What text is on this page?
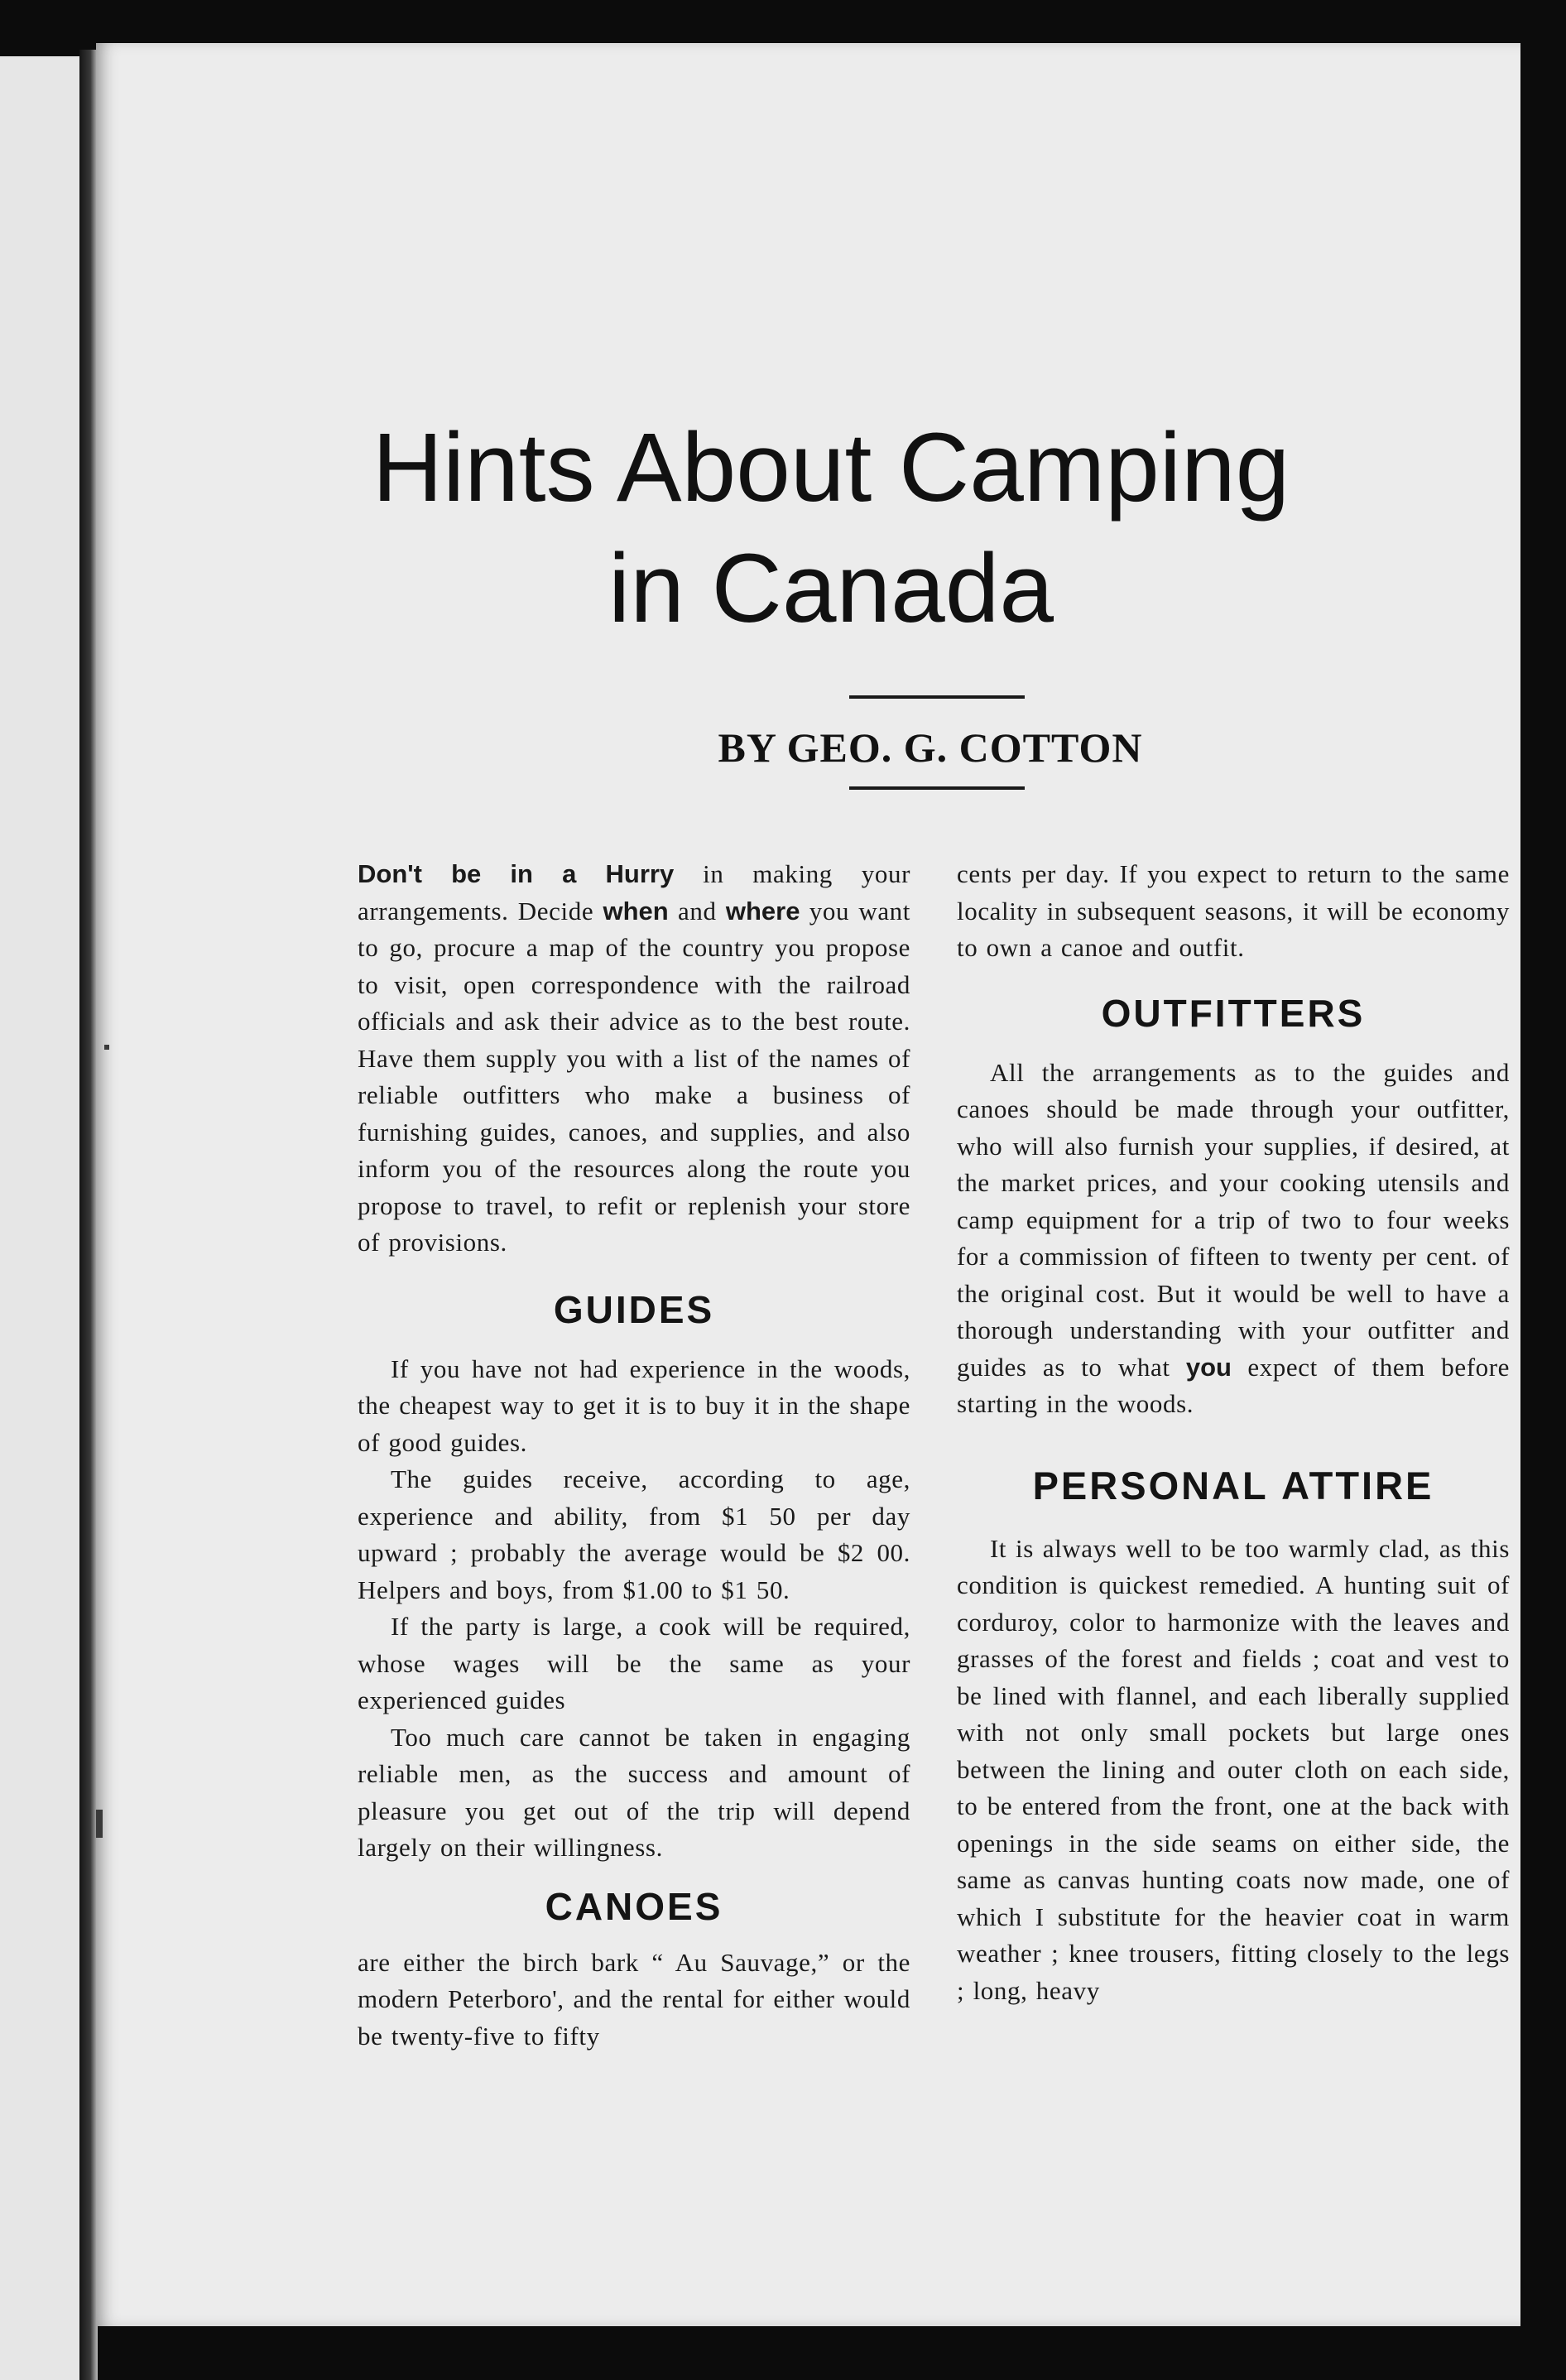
Hints About Camping
in Canada

BY GEO. G. COTTON

Don't be in a Hurry in making your arrangements. Decide when and where you want to go, procure a map of the country you propose to visit, open correspondence with the railroad officials and ask their advice as to the best route. Have them supply you with a list of the names of reliable outfitters who make a business of furnishing guides, canoes, and supplies, and also inform you of the resources along the route you propose to travel, to refit or replenish your store of provisions.

GUIDES

If you have not had experience in the woods, the cheapest way to get it is to buy it in the shape of good guides.

The guides receive, according to age, experience and ability, from $1 50 per day upward ; probably the average would be $2 00. Helpers and boys, from $1.00 to $1 50.

If the party is large, a cook will be required, whose wages will be the same as your experienced guides

Too much care cannot be taken in engaging reliable men, as the success and amount of pleasure you get out of the trip will depend largely on their willingness.

CANOES

are either the birch bark “ Au Sauvage,” or the modern Peterboro', and the rental for either would be twenty-five to fifty

cents per day. If you expect to return to the same locality in subsequent seasons, it will be economy to own a canoe and outfit.

OUTFITTERS

All the arrangements as to the guides and canoes should be made through your outfitter, who will also furnish your supplies, if desired, at the market prices, and your cooking utensils and camp equipment for a trip of two to four weeks for a commission of fifteen to twenty per cent. of the original cost. But it would be well to have a thorough understanding with your outfitter and guides as to what you expect of them before starting in the woods.

PERSONAL ATTIRE

It is always well to be too warmly clad, as this condition is quickest remedied. A hunting suit of corduroy, color to harmonize with the leaves and grasses of the forest and fields ; coat and vest to be lined with flannel, and each liberally supplied with not only small pockets but large ones between the lining and outer cloth on each side, to be entered from the front, one at the back with openings in the side seams on either side, the same as canvas hunting coats now made, one of which I substitute for the heavier coat in warm weather ; knee trousers, fitting closely to the legs ; long, heavy
